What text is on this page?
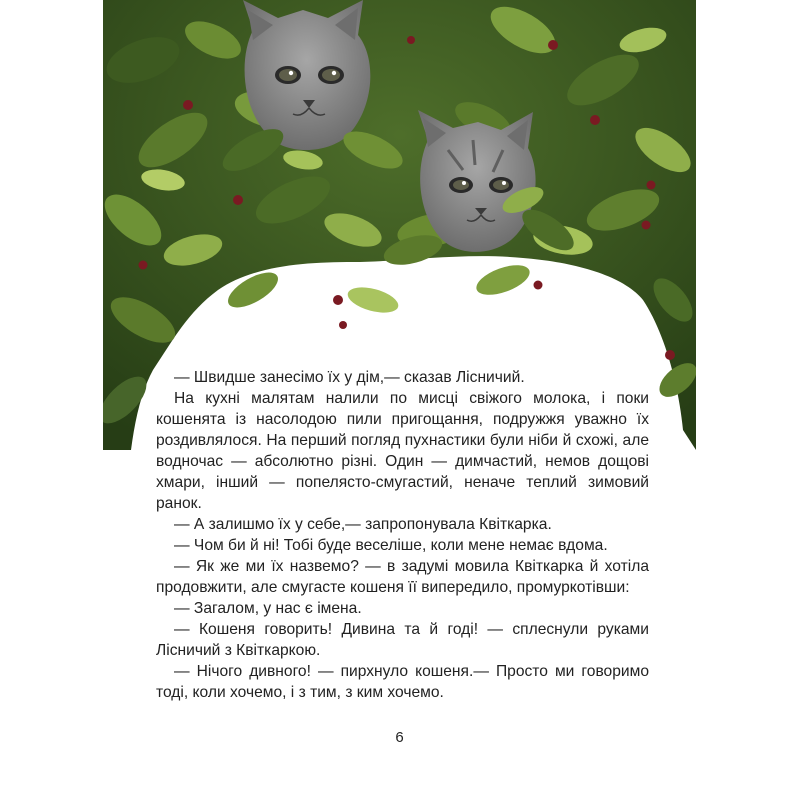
— Швидше занесімо їх у дім,— сказав Лісничий.

На кухні малятам налили по мисці свіжого молока, і поки кошенята із насолодою пили пригощання, подружжя уважно їх роздивлялося. На перший погляд пухнастики були ніби й схожі, але водночас — абсолютно різні. Один — димчастий, немов дощові хмари, інший — попелясто-смугастий, неначе теплий зимовий ранок.

— А залишмо їх у себе,— запропонувала Квіткарка.

— Чом би й ні! Тобі буде веселіше, коли мене немає вдома.

— Як же ми їх назвемо? — в задумі мовила Квіткарка й хотіла продовжити, але смугасте кошеня її випередило, промуркотівши:

— Загалом, у нас є імена.

— Кошеня говорить! Дивина та й годі! — сплеснули руками Лісничий з Квіткаркою.

— Нічого дивного! — пирхнуло кошеня.— Просто ми говоримо тоді, коли хочемо, і з тим, з ким хочемо.

6
